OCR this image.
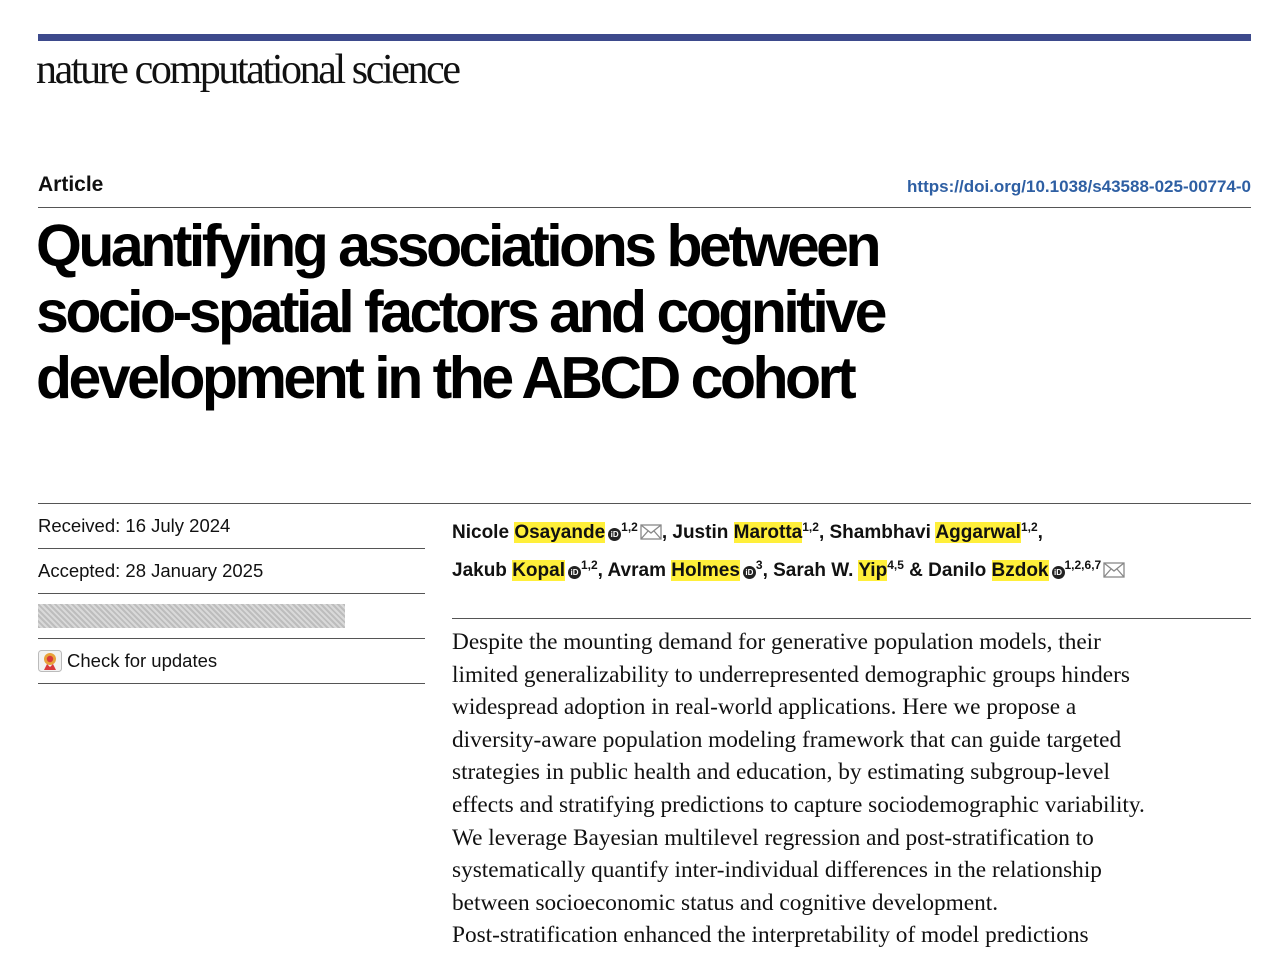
nature computational science
Article	https://doi.org/10.1038/s43588-025-00774-0
Quantifying associations between
socio-spatial factors and cognitive
development in the ABCD cohort
Received:
16 July 2024
Accepted:
28 January 2025
Check for updates
Nicole Osayande iD$^{1,2}$ , Justin Marotta$^{1,2}$, Shambhavi Aggarwal$^{1,2}$,
Jakub Kopal iD$^{1,2}$, Avram Holmes iD$^3$, Sarah W. Yip$^{4,5}$ & Danilo Bzdok iD$^{1,2,6,7}$
Despite the mounting demand for generative population models, their
limited generalizability to underrepresented demographic groups hinders
widespread adoption in real-world applications. Here we propose a
diversity-aware population modeling framework that can guide targeted
strategies in public health and education, by estimating subgroup-level
effects and stratifying predictions to capture sociodemographic variability.
We leverage Bayesian multilevel regression and post-stratification to
systematically quantify inter-individual differences in the relationship
between socioeconomic status and cognitive development.
Post-stratification enhanced the interpretability of model predictions
